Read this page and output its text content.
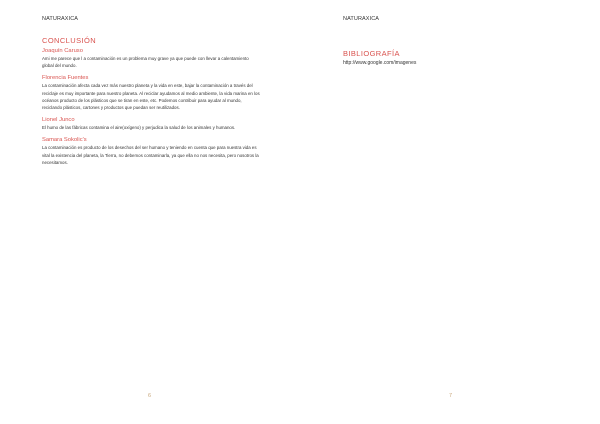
NATURAXICA
CONCLUSIÓN

Joaquín Caruso

Ami me parece que l a contaminación es un problema muy grave ya que puede con llevar a calentamiento global del mundo.

Florencia Fuentes

La contaminación afecta cada vez más nuestro planeta y la vida en este, bajar la contaminación a través del reciclaje es muy importante para nuestro planeta. Al reciclar ayudamos al medio ambiente, la vida marina en los océanos producto de los plásticos que se tiran en este, etc. Podemos contribuir para ayudar al mundo, reciclando plásticos, cartones y productos que puedan ser reutilizados.

Lionel Junco

El humo de las fábricas contamina el aire(oxígeno) y perjudica la salud de los animales y humanos.

Samara Sokolic's

La contaminación es producto de los desechos del ser humano y teniendo en cuenta que para nuestra vida es vital la existencia del planeta, la Tierra, no debemos contaminarla, ya que ella no nos necesita, pero nosotros la necesitamos.

6
NATURAXICA
BIBLIOGRAFÍA
http://www.google.com/imagenes
7
